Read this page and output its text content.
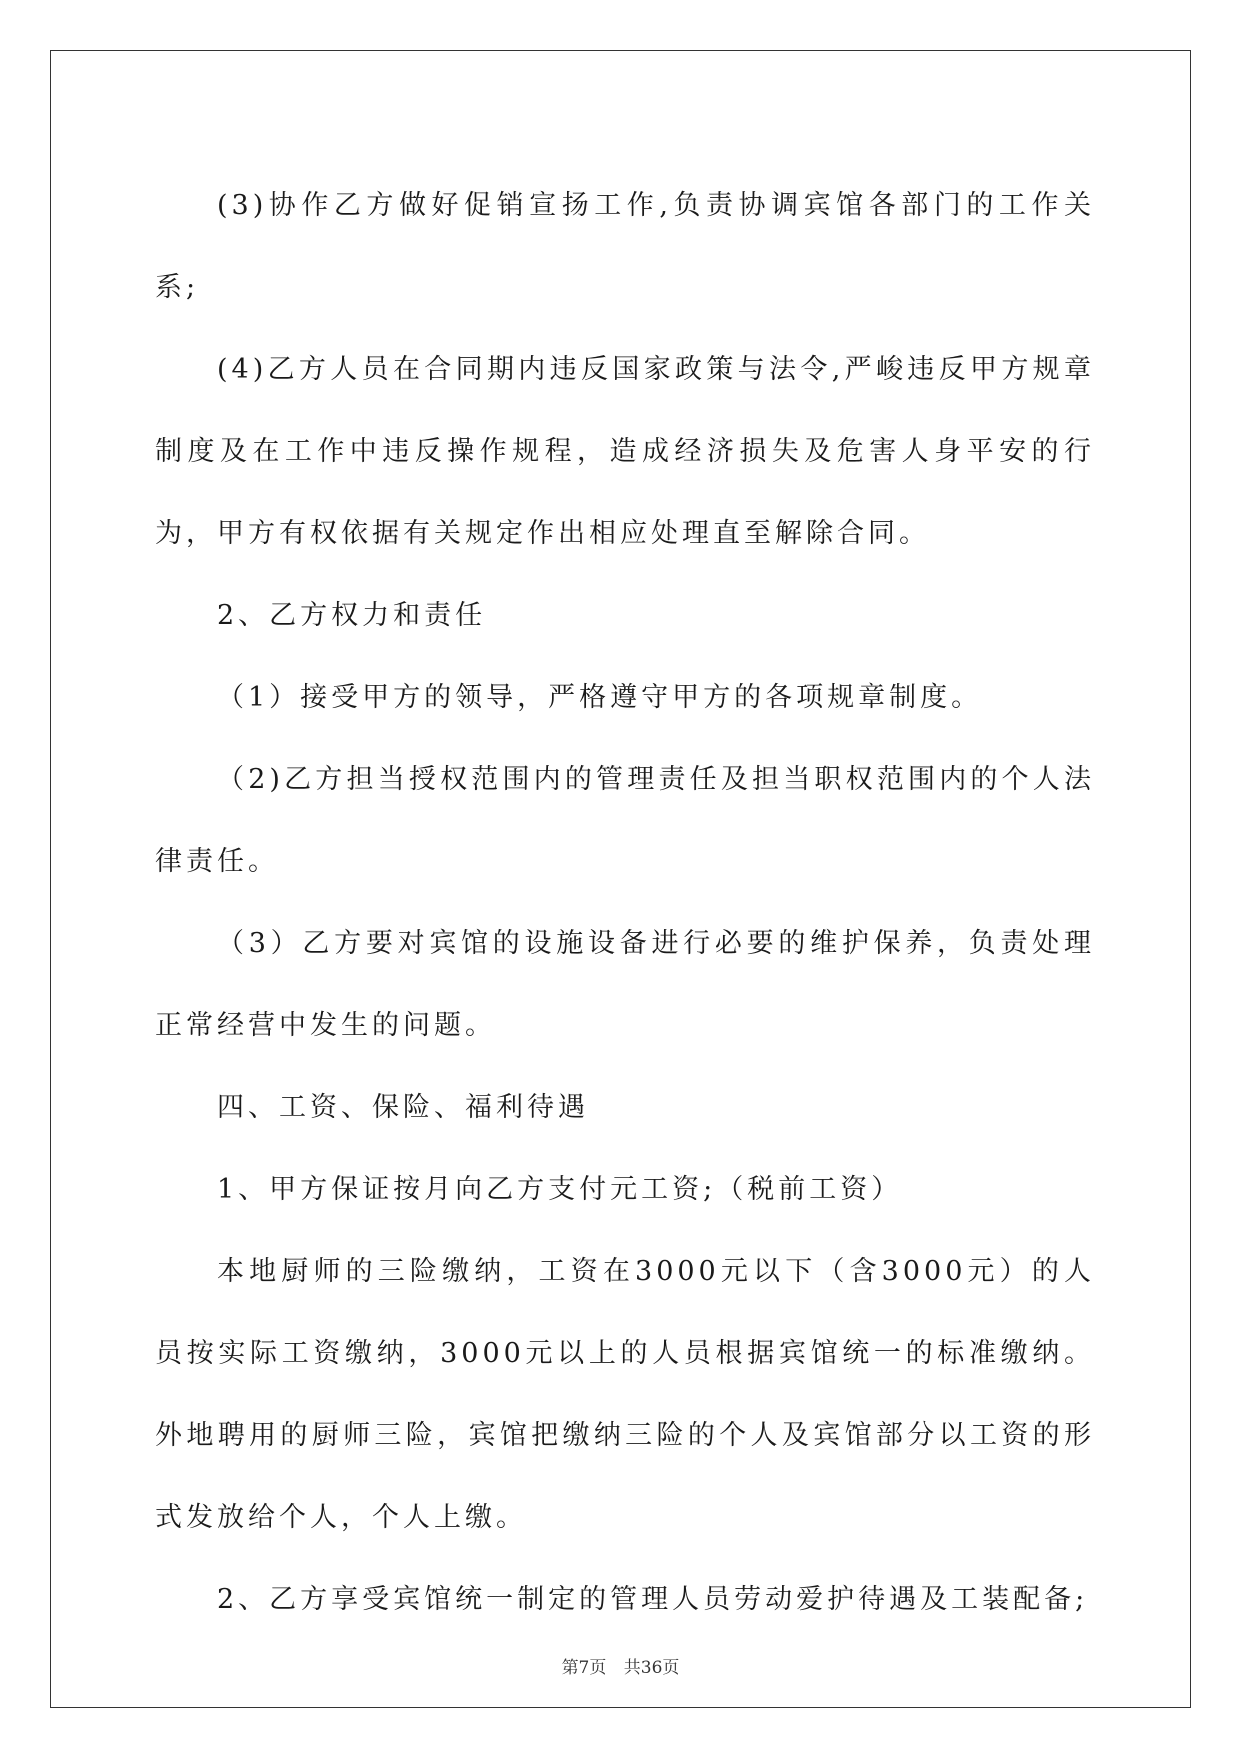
(3)协作乙方做好促销宣扬工作,负责协调宾馆各部门的工作关系;

(4)乙方人员在合同期内违反国家政策与法令,严峻违反甲方规章制度及在工作中违反操作规程，造成经济损失及危害人身平安的行为，甲方有权依据有关规定作出相应处理直至解除合同。

2、乙方权力和责任

（1）接受甲方的领导，严格遵守甲方的各项规章制度。

（2)乙方担当授权范围内的管理责任及担当职权范围内的个人法律责任。

（3）乙方要对宾馆的设施设备进行必要的维护保养，负责处理正常经营中发生的问题。

四、工资、保险、福利待遇

1、甲方保证按月向乙方支付元工资;（税前工资）

本地厨师的三险缴纳，工资在3000元以下（含3000元）的人员按实际工资缴纳，3000元以上的人员根据宾馆统一的标准缴纳。外地聘用的厨师三险，宾馆把缴纳三险的个人及宾馆部分以工资的形式发放给个人，个人上缴。

2、乙方享受宾馆统一制定的管理人员劳动爱护待遇及工装配备;

第7页 共36页
